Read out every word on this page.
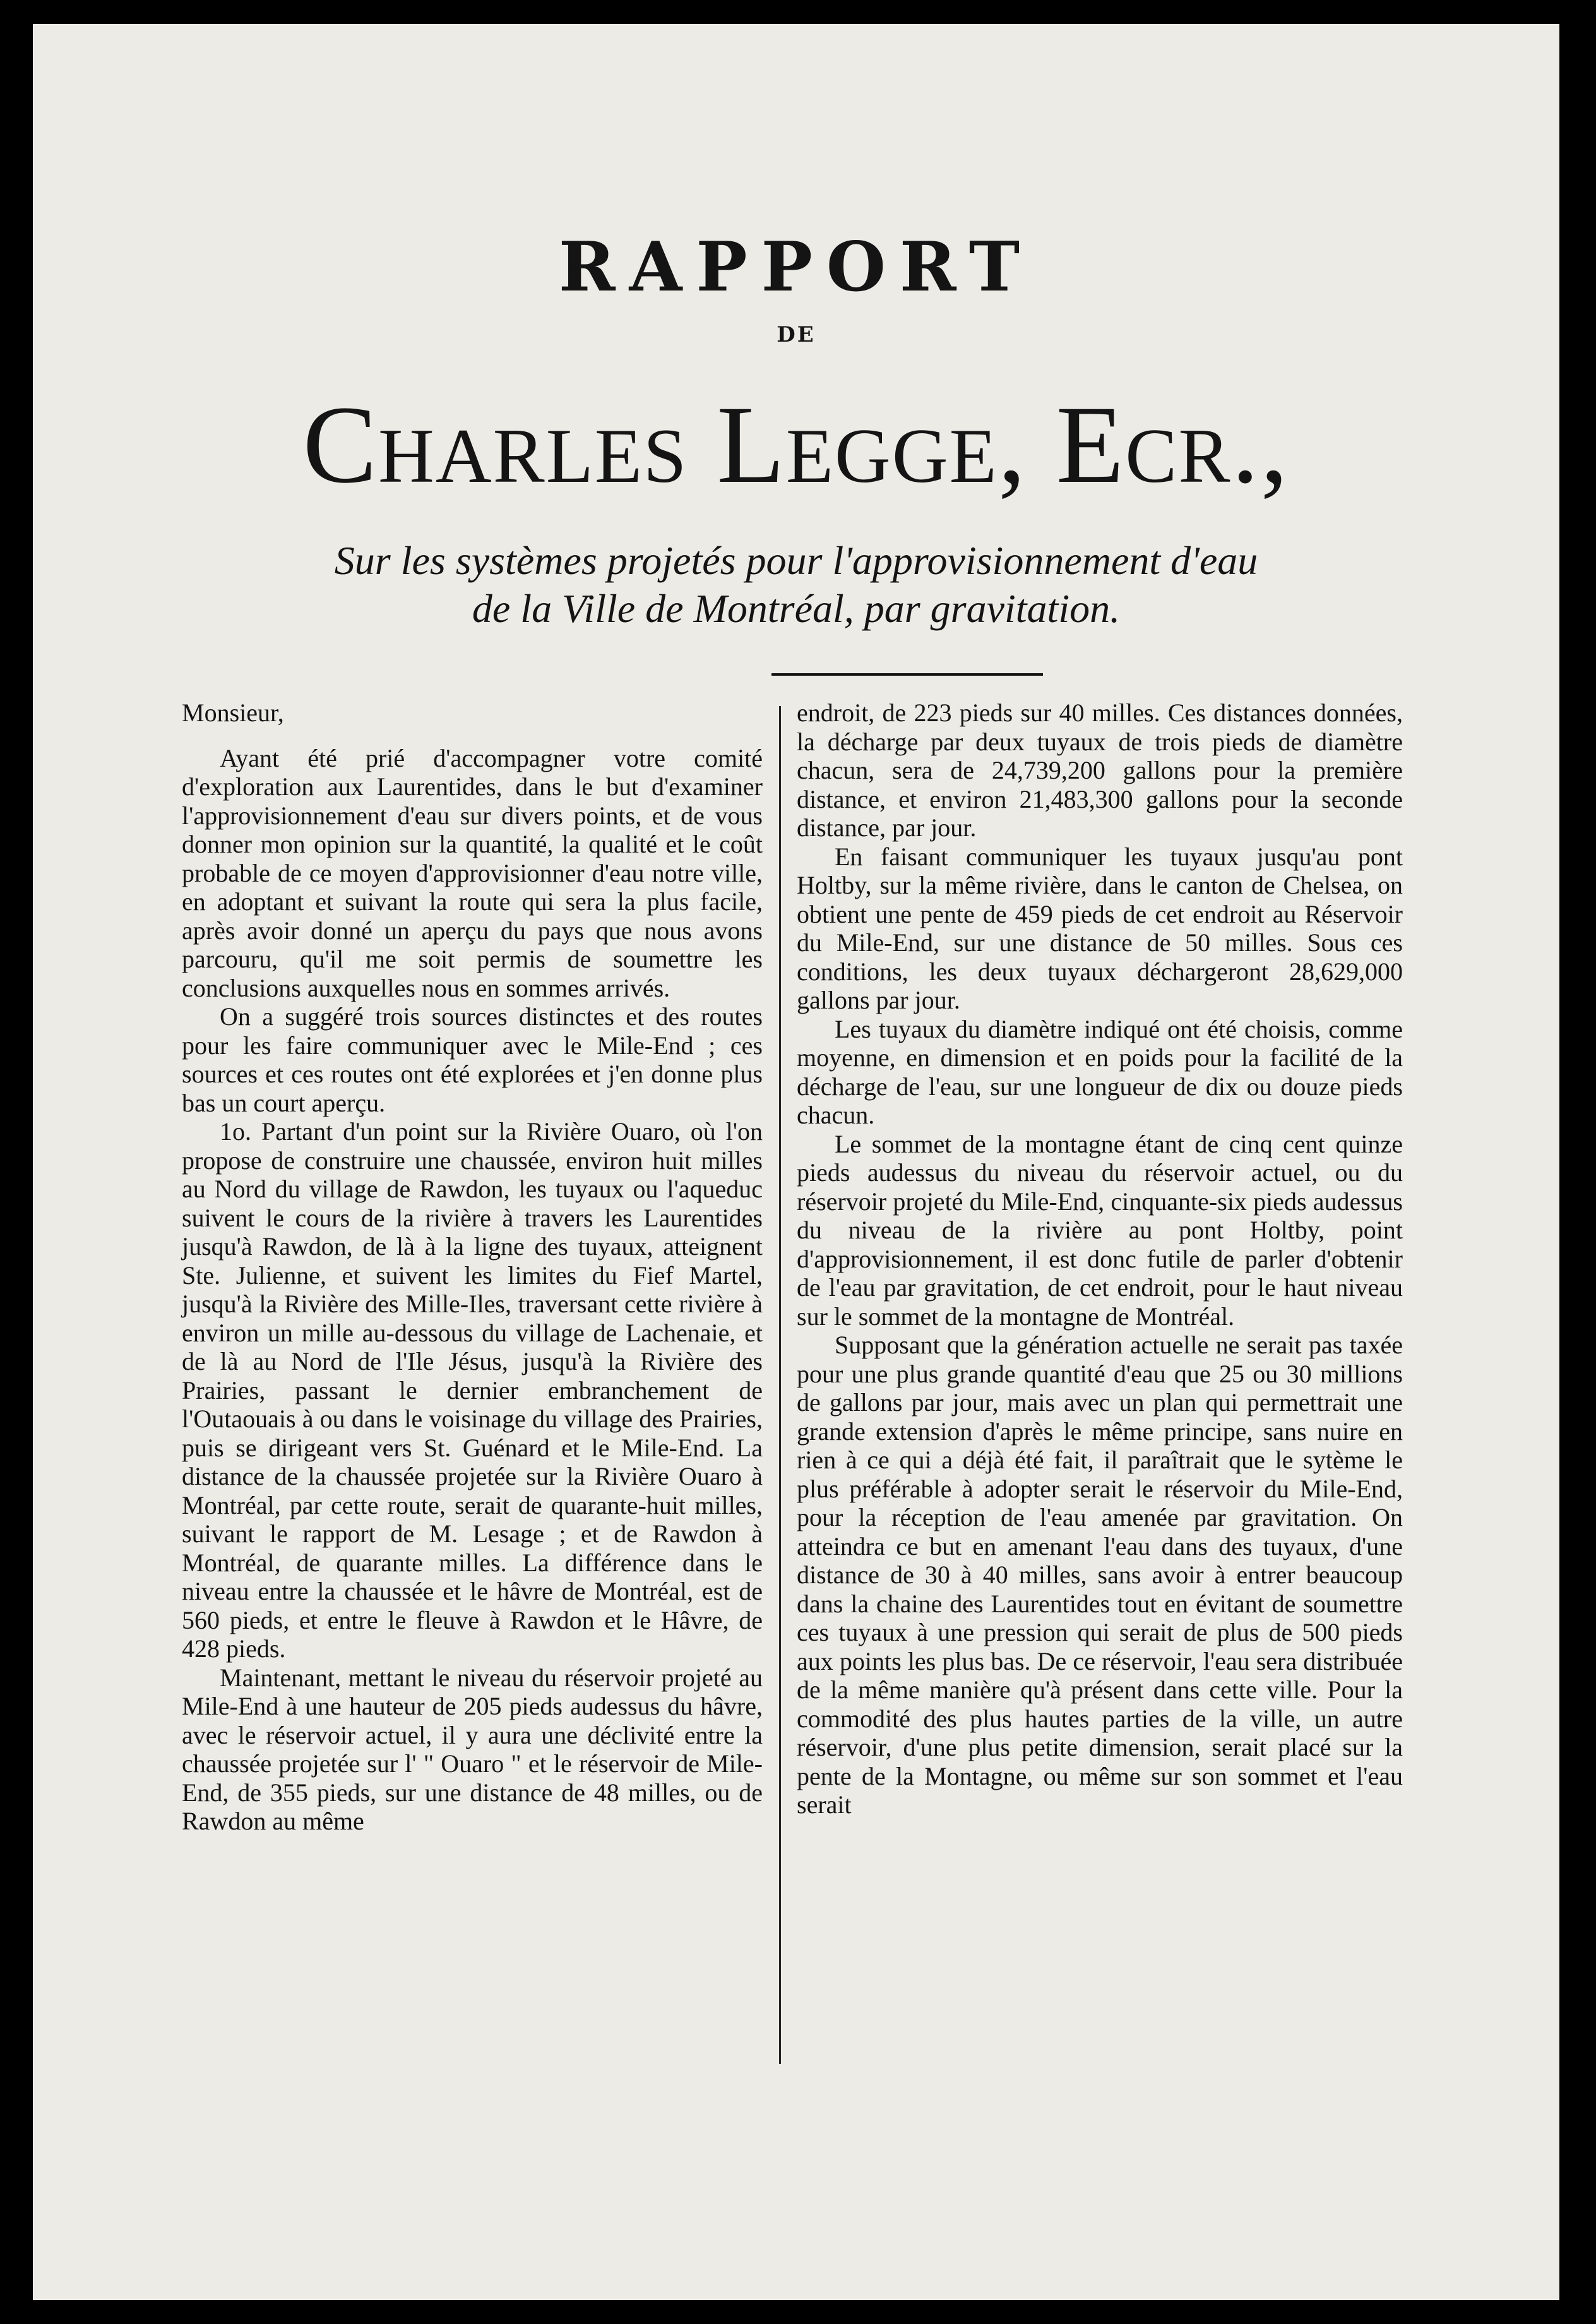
RAPPORT
DE
Charles Legge, Ecr.,
Sur les systèmes projetés pour l'approvisionnement d'eau
de la Ville de Montréal, par gravitation.

Monsieur,

Ayant été prié d'accompagner votre comité d'exploration aux Laurentides, dans le but d'examiner l'approvisionnement d'eau sur divers points, et de vous donner mon opinion sur la quantité, la qualité et le coût probable de ce moyen d'approvisionner d'eau notre ville, en adoptant et suivant la route qui sera la plus facile, après avoir donné un aperçu du pays que nous avons parcouru, qu'il me soit permis de soumettre les conclusions auxquelles nous en sommes arrivés.

On a suggéré trois sources distinctes et des routes pour les faire communiquer avec le Mile-End ; ces sources et ces routes ont été explorées et j'en donne plus bas un court aperçu.

1o. Partant d'un point sur la Rivière Ouaro, où l'on propose de construire une chaussée, environ huit milles au Nord du village de Rawdon, les tuyaux ou l'aqueduc suivent le cours de la rivière à travers les Laurentides jusqu'à Rawdon, de là à la ligne des tuyaux, atteignent Ste. Julienne, et suivent les limites du Fief Martel, jusqu'à la Rivière des Mille-Iles, traversant cette rivière à environ un mille au-dessous du village de Lachenaie, et de là au Nord de l'Ile Jésus, jusqu'à la Rivière des Prairies, passant le dernier embranchement de l'Outaouais à ou dans le voisinage du village des Prairies, puis se dirigeant vers St. Guénard et le Mile-End. La distance de la chaussée projetée sur la Rivière Ouaro à Montréal, par cette route, serait de quarante-huit milles, suivant le rapport de M. Lesage ; et de Rawdon à Montréal, de quarante milles. La différence dans le niveau entre la chaussée et le hâvre de Montréal, est de 560 pieds, et entre le fleuve à Rawdon et le Hâvre, de 428 pieds.

Maintenant, mettant le niveau du réservoir projeté au Mile-End à une hauteur de 205 pieds audessus du hâvre, avec le réservoir actuel, il y aura une déclivité entre la chaussée projetée sur l' " Ouaro " et le réservoir de Mile-End, de 355 pieds, sur une distance de 48 milles, ou de Rawdon au même

endroit, de 223 pieds sur 40 milles. Ces distances données, la décharge par deux tuyaux de trois pieds de diamètre chacun, sera de 24,739,200 gallons pour la première distance, et environ 21,483,300 gallons pour la seconde distance, par jour.

En faisant communiquer les tuyaux jusqu'au pont Holtby, sur la même rivière, dans le canton de Chelsea, on obtient une pente de 459 pieds de cet endroit au Réservoir du Mile-End, sur une distance de 50 milles. Sous ces conditions, les deux tuyaux déchargeront 28,629,000 gallons par jour.

Les tuyaux du diamètre indiqué ont été choisis, comme moyenne, en dimension et en poids pour la facilité de la décharge de l'eau, sur une longueur de dix ou douze pieds chacun.

Le sommet de la montagne étant de cinq cent quinze pieds audessus du niveau du réservoir actuel, ou du réservoir projeté du Mile-End, cinquante-six pieds audessus du niveau de la rivière au pont Holtby, point d'approvisionnement, il est donc futile de parler d'obtenir de l'eau par gravitation, de cet endroit, pour le haut niveau sur le sommet de la montagne de Montréal.

Supposant que la génération actuelle ne serait pas taxée pour une plus grande quantité d'eau que 25 ou 30 millions de gallons par jour, mais avec un plan qui permettrait une grande extension d'après le même principe, sans nuire en rien à ce qui a déjà été fait, il paraîtrait que le sytème le plus préférable à adopter serait le réservoir du Mile-End, pour la réception de l'eau amenée par gravitation. On atteindra ce but en amenant l'eau dans des tuyaux, d'une distance de 30 à 40 milles, sans avoir à entrer beaucoup dans la chaine des Laurentides tout en évitant de soumettre ces tuyaux à une pression qui serait de plus de 500 pieds aux points les plus bas. De ce réservoir, l'eau sera distribuée de la même manière qu'à présent dans cette ville. Pour la commodité des plus hautes parties de la ville, un autre réservoir, d'une plus petite dimension, serait placé sur la pente de la Montagne, ou même sur son sommet et l'eau serait
